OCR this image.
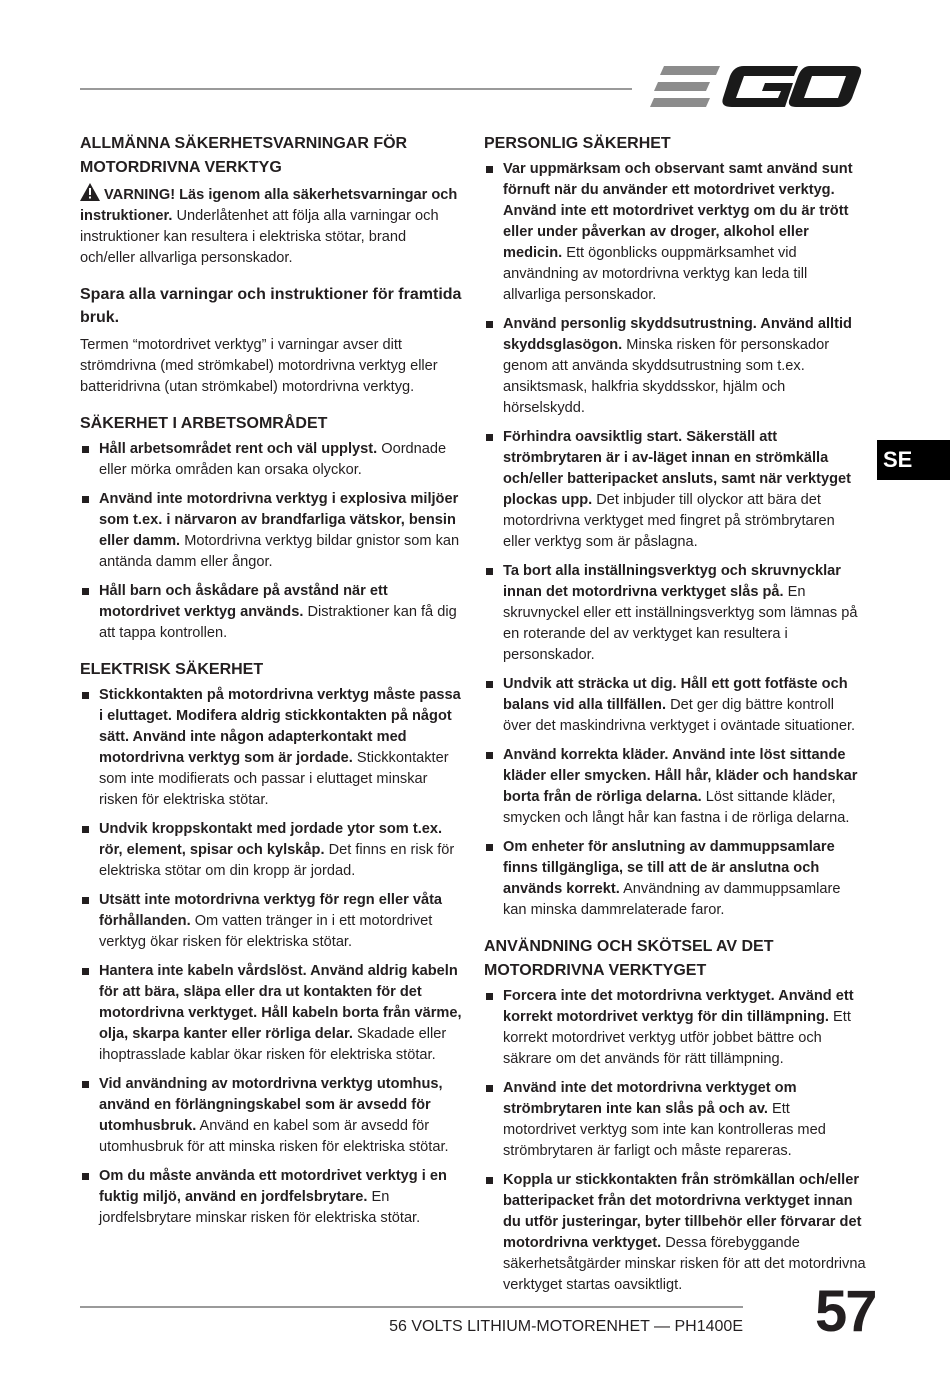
SE
ALLMÄNNA SÄKERHETSVARNINGAR FÖR MOTORDRIVNA VERKTYG

VARNING! Läs igenom alla säkerhetsvarningar och instruktioner. Underlåtenhet att följa alla varningar och instruktioner kan resultera i elektriska stötar, brand och/eller allvarliga personskador.

Spara alla varningar och instruktioner för framtida bruk.

Termen “motordrivet verktyg” i varningar avser ditt strömdrivna (med strömkabel) motordrivna verktyg eller batteridrivna (utan strömkabel) motordrivna verktyg.

SÄKERHET I ARBETSOMRÅDET
Håll arbetsområdet rent och väl upplyst. Oordnade eller mörka områden kan orsaka olyckor.
Använd inte motordrivna verktyg i explosiva miljöer som t.ex. i närvaron av brandfarliga vätskor, bensin eller damm. Motordrivna verktyg bildar gnistor som kan antända damm eller ångor.
Håll barn och åskådare på avstånd när ett motordrivet verktyg används. Distraktioner kan få dig att tappa kontrollen.
ELEKTRISK SÄKERHET
Stickkontakten på motordrivna verktyg måste passa i eluttaget. Modifera aldrig stickkontakten på något sätt. Använd inte någon adapterkontakt med motordrivna verktyg som är jordade. Stickkontakter som inte modifierats och passar i eluttaget minskar risken för elektriska stötar.
Undvik kroppskontakt med jordade ytor som t.ex. rör, element, spisar och kylskåp. Det finns en risk för elektriska stötar om din kropp är jordad.
Utsätt inte motordrivna verktyg för regn eller våta förhållanden. Om vatten tränger in i ett motordrivet verktyg ökar risken för elektriska stötar.
Hantera inte kabeln vårdslöst. Använd aldrig kabeln för att bära, släpa eller dra ut kontakten för det motordrivna verktyget. Håll kabeln borta från värme, olja, skarpa kanter eller rörliga delar. Skadade eller ihoptrasslade kablar ökar risken för elektriska stötar.
Vid användning av motordrivna verktyg utomhus, använd en förlängningskabel som är avsedd för utomhusbruk. Använd en kabel som är avsedd för utomhusbruk för att minska risken för elektriska stötar.
Om du måste använda ett motordrivet verktyg i en fuktig miljö, använd en jordfelsbrytare. En jordfelsbrytare minskar risken för elektriska stötar.
PERSONLIG SÄKERHET
Var uppmärksam och observant samt använd sunt förnuft när du använder ett motordrivet verktyg. Använd inte ett motordrivet verktyg om du är trött eller under påverkan av droger, alkohol eller medicin. Ett ögonblicks ouppmärksamhet vid användning av motordrivna verktyg kan leda till allvarliga personskador.
Använd personlig skyddsutrustning. Använd alltid skyddsglasögon. Minska risken för personskador genom att använda skyddsutrustning som t.ex. ansiktsmask, halkfria skyddsskor, hjälm och hörselskydd.
Förhindra oavsiktlig start. Säkerställ att strömbrytaren är i av-läget innan en strömkälla och/eller batteripacket ansluts, samt när verktyget plockas upp. Det inbjuder till olyckor att bära det motordrivna verktyget med fingret på strömbrytaren eller verktyg som är påslagna.
Ta bort alla inställningsverktyg och skruvnycklar innan det motordrivna verktyget slås på. En skruvnyckel eller ett inställningsverktyg som lämnas på en roterande del av verktyget kan resultera i personskador.
Undvik att sträcka ut dig. Håll ett gott fotfäste och balans vid alla tillfällen. Det ger dig bättre kontroll över det maskindrivna verktyget i oväntade situationer.
Använd korrekta kläder. Använd inte löst sittande kläder eller smycken. Håll hår, kläder och handskar borta från de rörliga delarna. Löst sittande kläder, smycken och långt hår kan fastna i de rörliga delarna.
Om enheter för anslutning av dammuppsamlare finns tillgängliga, se till att de är anslutna och används korrekt. Användning av dammuppsamlare kan minska dammrelaterade faror.
ANVÄNDNING OCH SKÖTSEL AV DET MOTORDRIVNA VERKTYGET
Forcera inte det motordrivna verktyget. Använd ett korrekt motordrivet verktyg för din tillämpning. Ett korrekt motordrivet verktyg utför jobbet bättre och säkrare om det används för rätt tillämpning.
Använd inte det motordrivna verktyget om strömbrytaren inte kan slås på och av. Ett motordrivet verktyg som inte kan kontrolleras med strömbrytaren är farligt och måste repareras.
Koppla ur stickkontakten från strömkällan och/eller batteripacket från det motordrivna verktyget innan du utför justeringar, byter tillbehör eller förvarar det motordrivna verktyget. Dessa förebyggande säkerhetsåtgärder minskar risken för att det motordrivna verktyget startas oavsiktligt.
56 VOLTS LITHIUM-MOTORENHET — PH1400E 57
